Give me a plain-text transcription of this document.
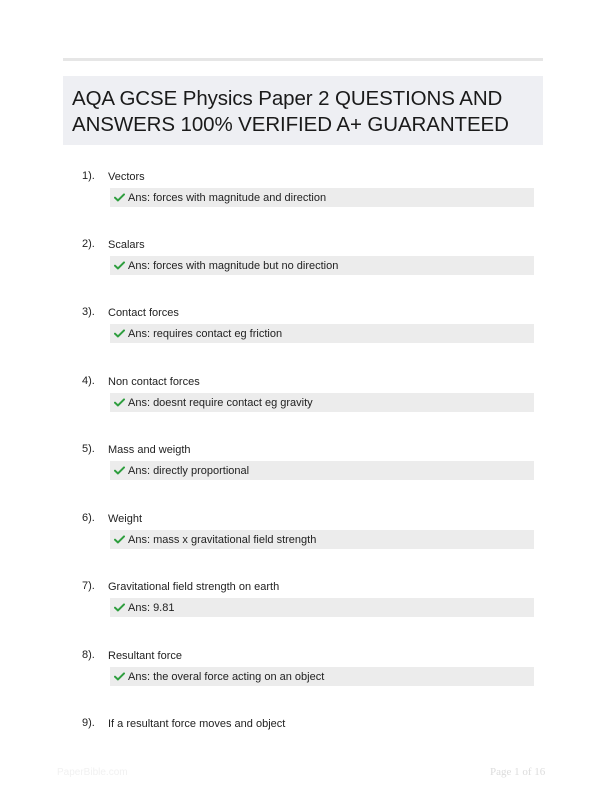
AQA GCSE Physics Paper 2 QUESTIONS AND
ANSWERS 100% VERIFIED A+ GUARANTEED
1). Vectors
Ans: forces with magnitude and direction
2). Scalars
Ans: forces with magnitude but no direction
3). Contact forces
Ans: requires contact eg friction
4). Non contact forces
Ans: doesnt require contact eg gravity
5). Mass and weigth
Ans: directly proportional
6). Weight
Ans: mass x gravitational field strength
7). Gravitational field strength on earth
Ans: 9.81
8). Resultant force
Ans: the overal force acting on an object
9). If a resultant force moves and object
PaperBible.com	Page 1 of 16
